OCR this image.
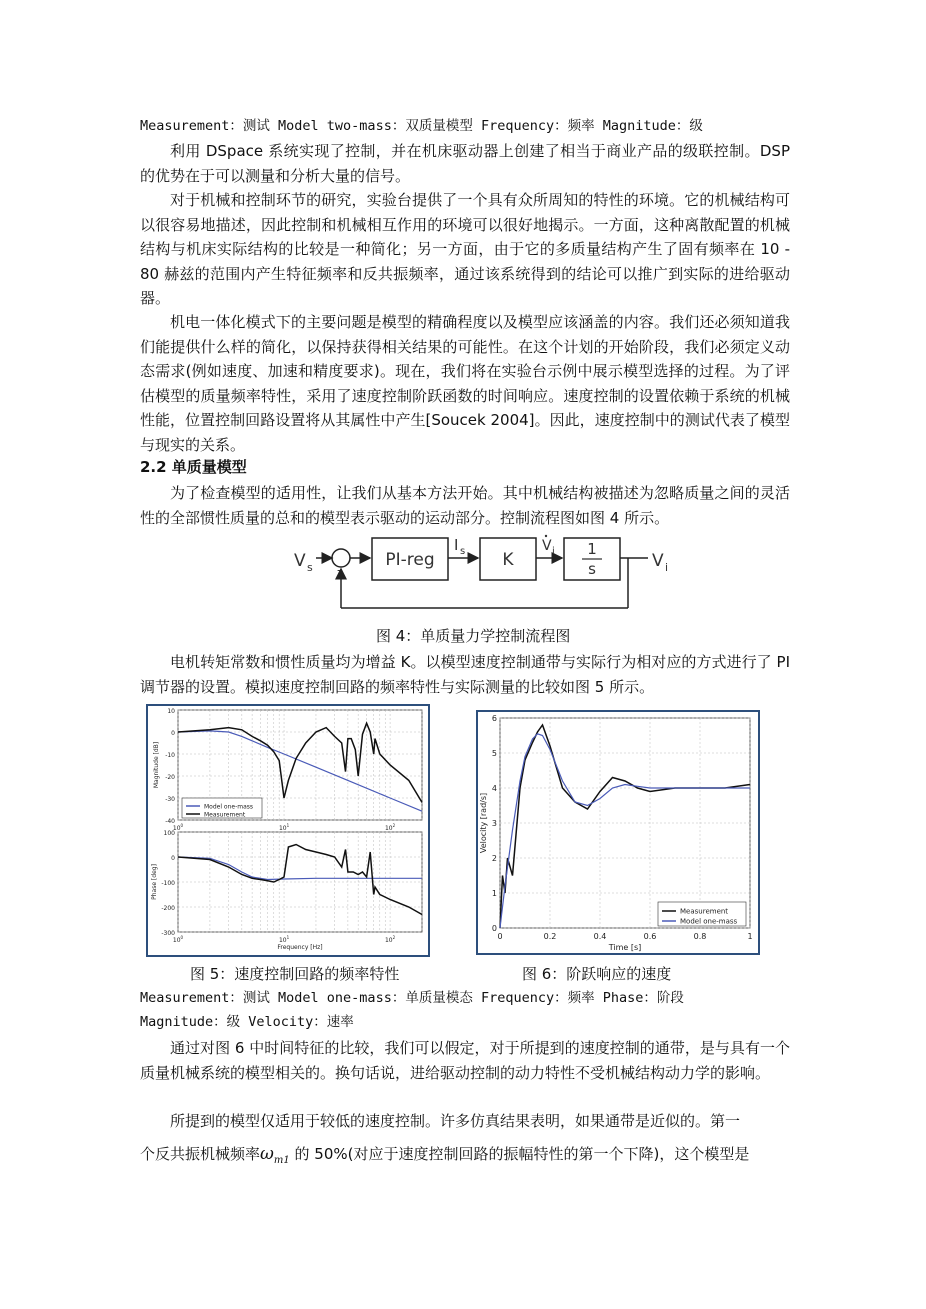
Measurement：测试 Model two-mass：双质量模型 Frequency：频率 Magnitude：级

利用 DSpace 系统实现了控制，并在机床驱动器上创建了相当于商业产品的级联控制。DSP 的优势在于可以测量和分析大量的信号。

对于机械和控制环节的研究，实验台提供了一个具有众所周知的特性的环境。它的机械结构可以很容易地描述，因此控制和机械相互作用的环境可以很好地揭示。一方面，这种离散配置的机械结构与机床实际结构的比较是一种简化；另一方面，由于它的多质量结构产生了固有频率在 10 - 80 赫兹的范围内产生特征频率和反共振频率，通过该系统得到的结论可以推广到实际的进给驱动器。

机电一体化模式下的主要问题是模型的精确程度以及模型应该涵盖的内容。我们还必须知道我们能提供什么样的简化，以保持获得相关结果的可能性。在这个计划的开始阶段，我们必须定义动态需求(例如速度、加速和精度要求)。现在，我们将在实验台示例中展示模型选择的过程。为了评估模型的质量频率特性，采用了速度控制阶跃函数的时间响应。速度控制的设置依赖于系统的机械性能，位置控制回路设置将从其属性中产生[Soucek 2004]。因此，速度控制中的测试代表了模型与现实的关系。

2.2 单质量模型

为了检查模型的适用性，让我们从基本方法开始。其中机械结构被描述为忽略质量之间的灵活性的全部惯性质量的总和的模型表示驱动的运动部分。控制流程图如图 4 所示。

V s -	PI-reg
I s K
V i 1
s	V i
图 4：单质量力学控制流程图

电机转矩常数和惯性质量均为增益 K。以模型速度控制通带与实际行为相对应的方式进行了 PI 调节器的设置。模拟速度控制回路的频率特性与实际测量的比较如图 5 所示。

10
0
-10
-20
-30
-40
$10^0$	$10^1$	$10^2$
Magnitude [dB]
Model one-mass
Measurement
100
0
-100
-200
-300
$10^0$	$10^1$	$10^2$
Phase [deg]
Frequency [Hz]
0
1
2
3
4
5
6
0	0.2	0.4	0.6	0.8	1
Velocity [rad/s]
Time [s]
Measurement
Model one-mass
图 5：速度控制回路的频率特性	图 6：阶跃响应的速度
Measurement：测试 Model one-mass：单质量模态 Frequency：频率 Phase：阶段
Magnitude：级 Velocity：速率

通过对图 6 中时间特征的比较，我们可以假定，对于所提到的速度控制的通带，是与具有一个质量机械系统的模型相关的。换句话说，进给驱动控制的动力特性不受机械结构动力学的影响。

所提到的模型仅适用于较低的速度控制。许多仿真结果表明，如果通带是近似的。第一

个反共振机械频率$\omega_{m1}$ 的 50%(对应于速度控制回路的振幅特性的第一个下降)，这个模型是
